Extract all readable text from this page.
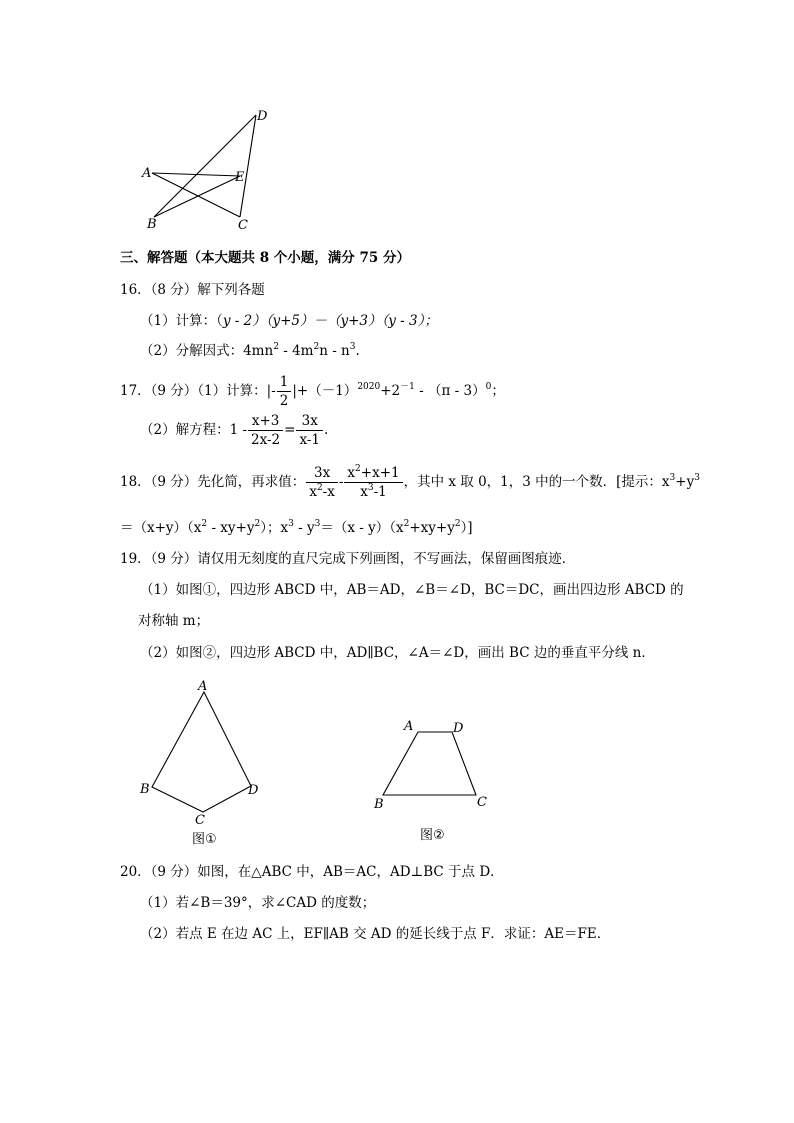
D
A	E
B	C
三、解答题（本大题共 8 个小题，满分 75 分）
16．（8 分）解下列各题
（1）计算：（y - 2）（y+5）－（y+3）（y - 3）；
（2）分解因式：$4mn^2 - 4m^2n - n^3$.
17．（9 分）（1）计算：|- $\frac{1}{2} |+(-1)^{2020}+2^{-1} - (\pi - 3)^0$；
（2）解方程：$1 - \frac{x+3}{2x-2} = \frac{3x}{x-1}$ .
18．（9 分）先化简，再求值： $\frac{3x}{x^2-x} - \frac{x^2+x+1}{x^3-1}$ ，其中 x 取 0，1，3 中的一个数．[提示：$x^3+y^3$
$=(x+y)(x^2 - xy+y^2)$；$x^3 - y^3=(x - y)(x^2+xy+y^2)$]
19．（9 分）请仅用无刻度的直尺完成下列画图，不写画法，保留画图痕迹．
（1）如图①，四边形 ABCD 中，AB＝AD，∠B＝∠D，BC＝DC，画出四边形 ABCD 的
对称轴 m；
（2）如图②，四边形 ABCD 中，AD∥BC，∠A＝∠D，画出 BC 边的垂直平分线 n．
A
B	D
C
图①
A	D
B	C
图②
20．（9 分）如图，在△ABC 中，AB＝AC，AD⊥BC 于点 D．
（1）若∠B＝39°，求∠CAD 的度数；
（2）若点 E 在边 AC 上，EF∥AB 交 AD 的延长线于点 F．求证：AE＝FE．
